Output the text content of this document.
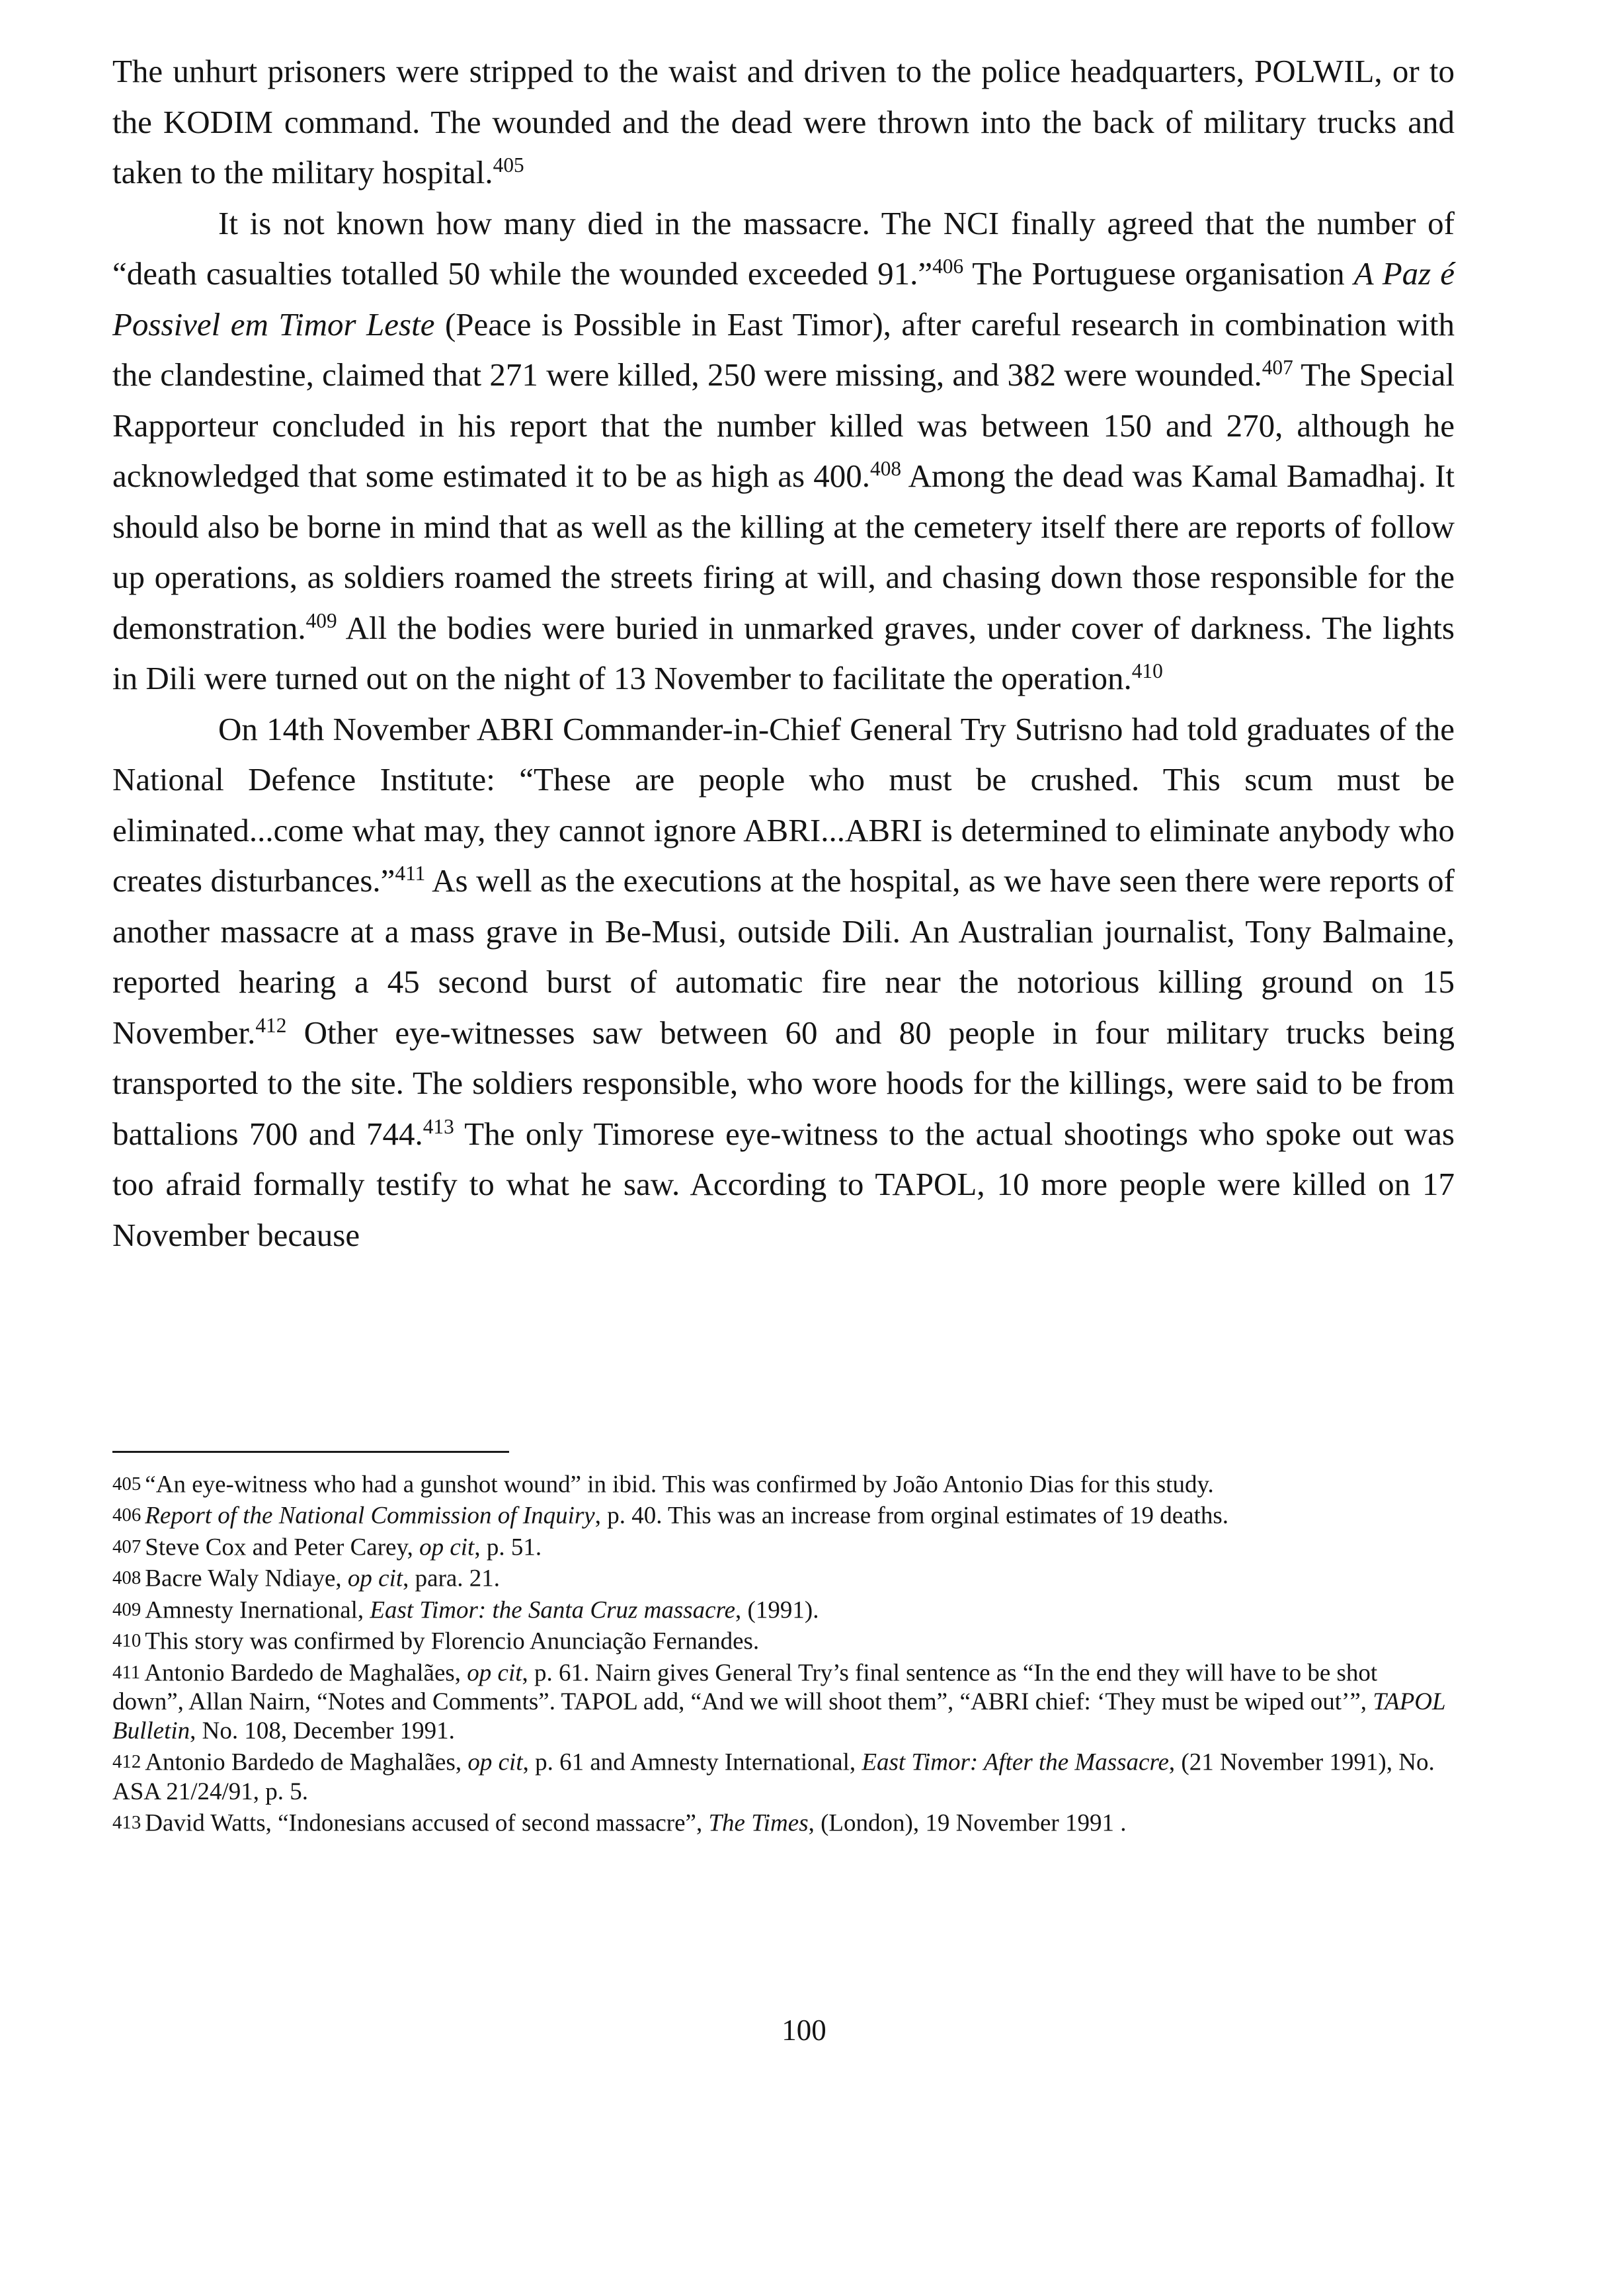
The unhurt prisoners were stripped to the waist and driven to the police headquarters, POLWIL, or to the KODIM command. The wounded and the dead were thrown into the back of military trucks and taken to the military hospital.$^{405}$

It is not known how many died in the massacre. The NCI finally agreed that the number of “death casualties totalled 50 while the wounded exceeded 91.”$^{406}$ The Portuguese organisation A Paz é Possivel em Timor Leste (Peace is Possible in East Timor), after careful research in combination with the clandestine, claimed that 271 were killed, 250 were missing, and 382 were wounded.$^{407}$ The Special Rapporteur concluded in his report that the number killed was between 150 and 270, although he acknowledged that some estimated it to be as high as 400.$^{408}$ Among the dead was Kamal Bamadhaj. It should also be borne in mind that as well as the killing at the cemetery itself there are reports of follow up operations, as soldiers roamed the streets firing at will, and chasing down those responsible for the demonstration.$^{409}$ All the bodies were buried in unmarked graves, under cover of darkness. The lights in Dili were turned out on the night of 13 November to facilitate the operation.$^{410}$

On 14th November ABRI Commander-in-Chief General Try Sutrisno had told graduates of the National Defence Institute: “These are people who must be crushed. This scum must be eliminated...come what may, they cannot ignore ABRI...ABRI is determined to eliminate anybody who creates disturbances.”$^{411}$ As well as the executions at the hospital, as we have seen there were reports of another massacre at a mass grave in Be-Musi, outside Dili. An Australian journalist, Tony Balmaine, reported hearing a 45 second burst of automatic fire near the notorious killing ground on 15 November.$^{412}$ Other eye-witnesses saw between 60 and 80 people in four military trucks being transported to the site. The soldiers responsible, who wore hoods for the killings, were said to be from battalions 700 and 744.$^{413}$ The only Timorese eye-witness to the actual shootings who spoke out was too afraid formally testify to what he saw. According to TAPOL, 10 more people were killed on 17 November because

405 “An eye-witness who had a gunshot wound” in ibid. This was confirmed by João Antonio Dias for this study.

406 Report of the National Commission of Inquiry, p. 40. This was an increase from orginal estimates of 19 deaths.

407 Steve Cox and Peter Carey, op cit, p. 51.

408 Bacre Waly Ndiaye, op cit, para. 21.

409 Amnesty Inernational, East Timor: the Santa Cruz massacre, (1991).

410 This story was confirmed by Florencio Anunciação Fernandes.

411 Antonio Bardedo de Maghalães, op cit, p. 61. Nairn gives General Try’s final sentence as “In the end they will have to be shot down”, Allan Nairn, “Notes and Comments”. TAPOL add, “And we will shoot them”, “ABRI chief: ‘They must be wiped out’”, TAPOL Bulletin, No. 108, December 1991.

412 Antonio Bardedo de Maghalães, op cit, p. 61 and Amnesty International, East Timor: After the Massacre, (21 November 1991), No. ASA 21/24/91, p. 5.

413 David Watts, “Indonesians accused of second massacre”, The Times, (London), 19 November 1991 .

100
